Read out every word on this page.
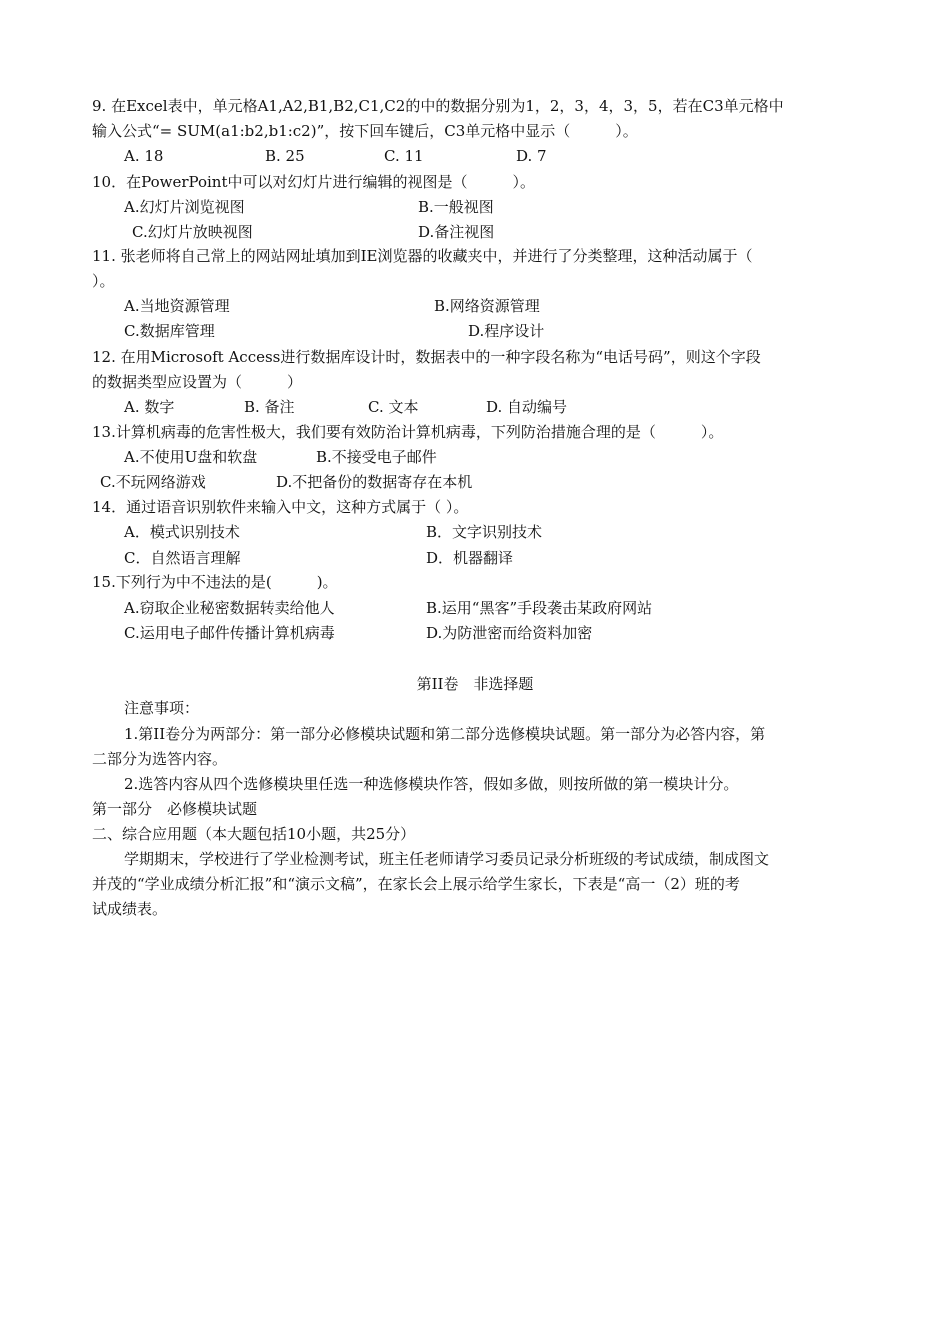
9. 在Excel表中，单元格A1,A2,B1,B2,C1,C2的中的数据分别为1，2，3，4，3，5，若在C3单元格中
输入公式“= SUM(a1:b2,b1:c2)”，按下回车键后，C3单元格中显示（　　　）。
A. 18	B. 25	C. 11	D. 7
10．在PowerPoint中可以对幻灯片进行编辑的视图是（　　　）。
A.幻灯片浏览视图	B.一般视图
C.幻灯片放映视图	D.备注视图
11. 张老师将自己常上的网站网址填加到IE浏览器的收藏夹中，并进行了分类整理，这种活动属于（
）。
A.当地资源管理	B.网络资源管理
C.数据库管理	D.程序设计
12. 在用Microsoft Access进行数据库设计时，数据表中的一种字段名称为“电话号码”，则这个字段
的数据类型应设置为（　　　）
A. 数字	B. 备注	C. 文本	D. 自动编号
13.计算机病毒的危害性极大，我们要有效防治计算机病毒，下列防治措施合理的是（　　　）。
A.不使用U盘和软盘	B.不接受电子邮件
C.不玩网络游戏	D.不把备份的数据寄存在本机
14．通过语音识别软件来输入中文，这种方式属于（ ）。
A．模式识别技术	B．文字识别技术
C．自然语言理解	D．机器翻译
15.下列行为中不违法的是(　　　)。
A.窃取企业秘密数据转卖给他人	B.运用“黑客”手段袭击某政府网站
C.运用电子邮件传播计算机病毒	D.为防泄密而给资料加密
第II卷　非选择题
注意事项：
1.第II卷分为两部分：第一部分必修模块试题和第二部分选修模块试题。第一部分为必答内容，第
二部分为选答内容。
2.选答内容从四个选修模块里任选一种选修模块作答，假如多做，则按所做的第一模块计分。
第一部分　必修模块试题
二、综合应用题（本大题包括10小题，共25分）
学期期末，学校进行了学业检测考试，班主任老师请学习委员记录分析班级的考试成绩，制成图文
并茂的“学业成绩分析汇报”和“演示文稿”，在家长会上展示给学生家长，下表是“高一（2）班的考
试成绩表。
